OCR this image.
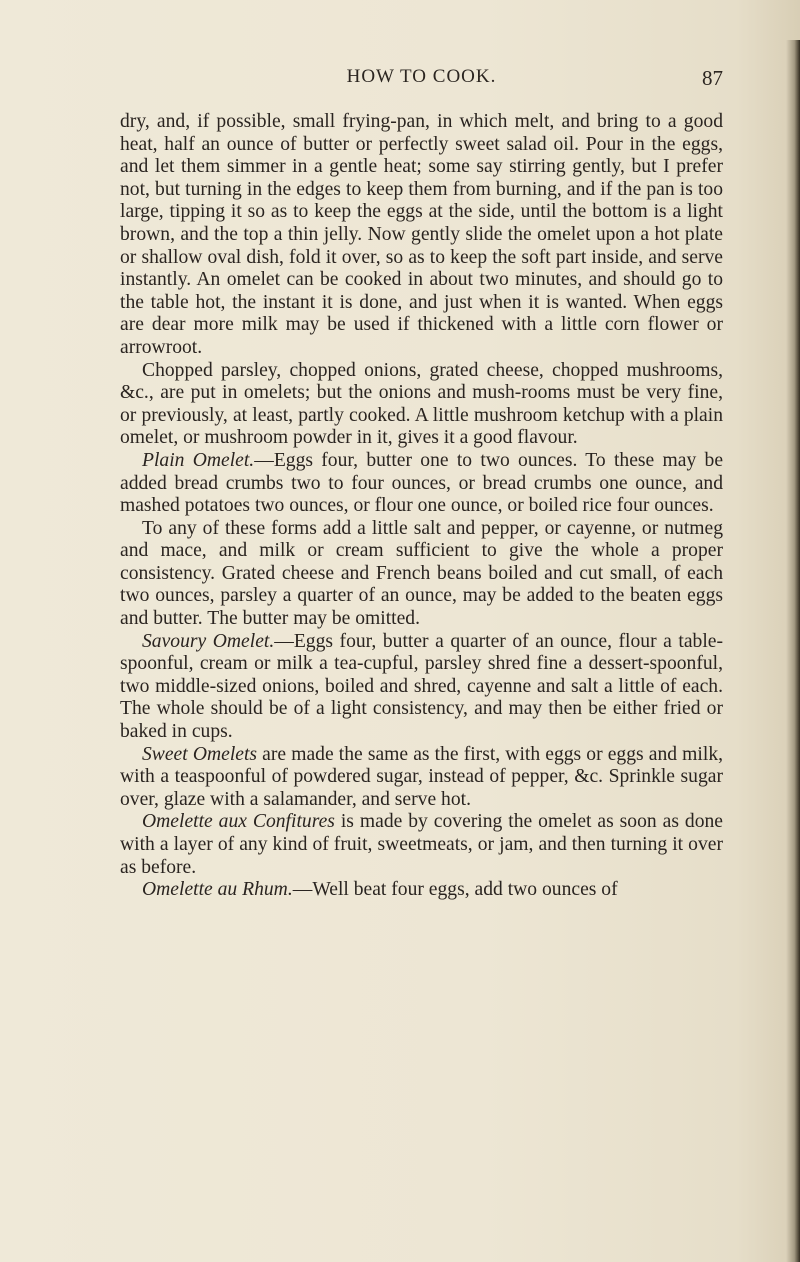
HOW TO COOK.	87

dry, and, if possible, small frying-pan, in which melt, and bring to a good heat, half an ounce of butter or perfectly sweet salad oil. Pour in the eggs, and let them simmer in a gentle heat; some say stirring gently, but I prefer not, but turning in the edges to keep them from burning, and if the pan is too large, tipping it so as to keep the eggs at the side, until the bottom is a light brown, and the top a thin jelly. Now gently slide the omelet upon a hot plate or shallow oval dish, fold it over, so as to keep the soft part inside, and serve instantly. An omelet can be cooked in about two minutes, and should go to the table hot, the instant it is done, and just when it is wanted. When eggs are dear more milk may be used if thickened with a little corn flower or arrowroot.

Chopped parsley, chopped onions, grated cheese, chopped mushrooms, &c., are put in omelets; but the onions and mush-rooms must be very fine, or previously, at least, partly cooked. A little mushroom ketchup with a plain omelet, or mushroom powder in it, gives it a good flavour.

Plain Omelet.—Eggs four, butter one to two ounces. To these may be added bread crumbs two to four ounces, or bread crumbs one ounce, and mashed potatoes two ounces, or flour one ounce, or boiled rice four ounces.

To any of these forms add a little salt and pepper, or cayenne, or nutmeg and mace, and milk or cream sufficient to give the whole a proper consistency. Grated cheese and French beans boiled and cut small, of each two ounces, parsley a quarter of an ounce, may be added to the beaten eggs and butter. The butter may be omitted.

Savoury Omelet.—Eggs four, butter a quarter of an ounce, flour a table-spoonful, cream or milk a tea-cupful, parsley shred fine a dessert-spoonful, two middle-sized onions, boiled and shred, cayenne and salt a little of each. The whole should be of a light consistency, and may then be either fried or baked in cups.

Sweet Omelets are made the same as the first, with eggs or eggs and milk, with a teaspoonful of powdered sugar, instead of pepper, &c. Sprinkle sugar over, glaze with a salamander, and serve hot.

Omelette aux Confitures is made by covering the omelet as soon as done with a layer of any kind of fruit, sweetmeats, or jam, and then turning it over as before.

Omelette au Rhum.—Well beat four eggs, add two ounces of
